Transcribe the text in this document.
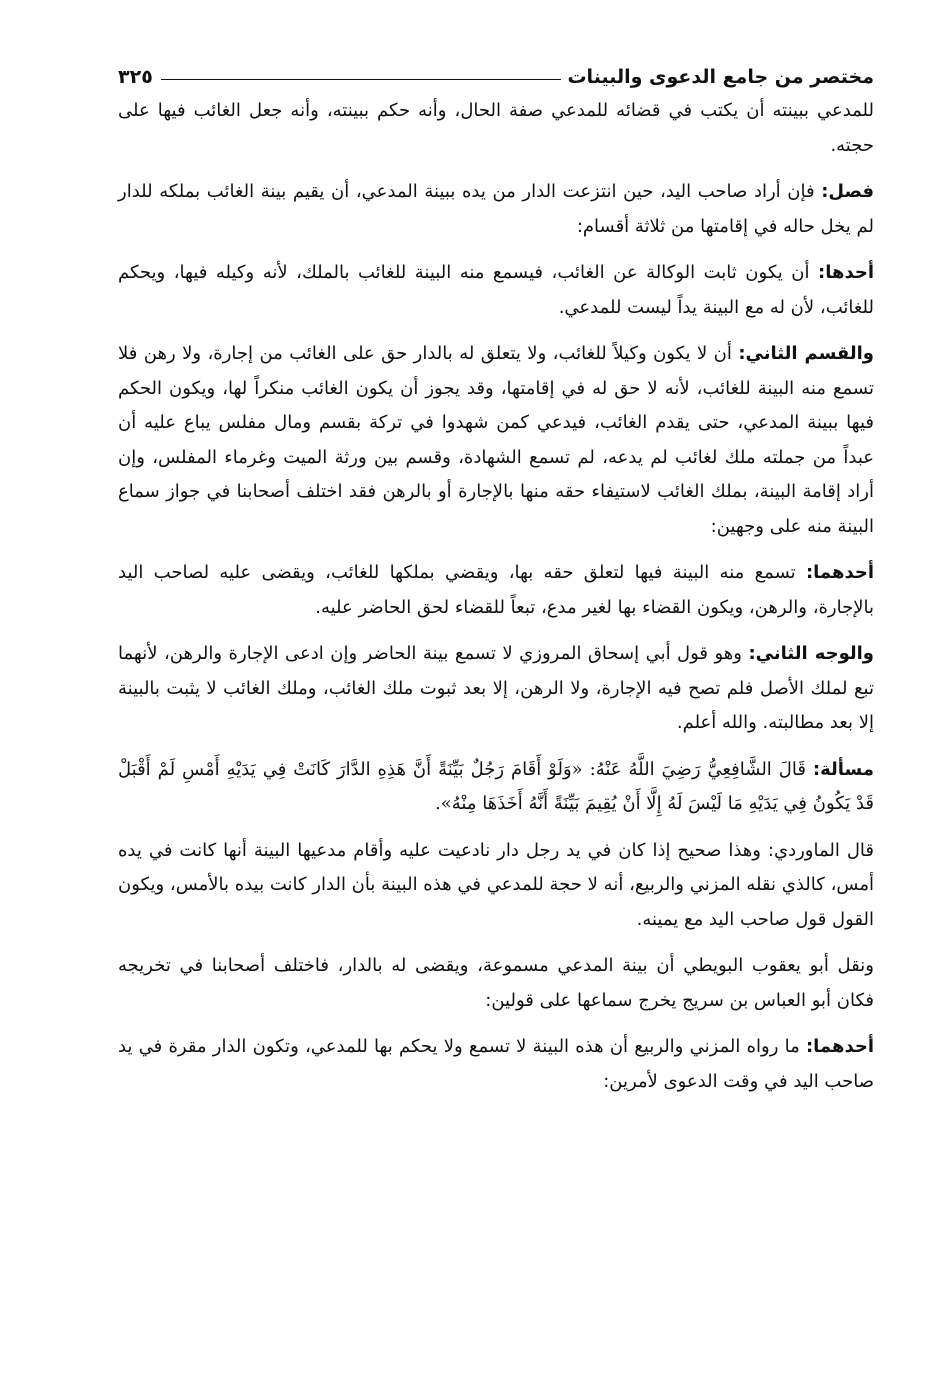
مختصر من جامع الدعوى والبينات
٣٢٥

للمدعي ببينته أن يكتب في قضائه للمدعي صفة الحال، وأنه حكم ببينته، وأنه جعل الغائب فيها على حجته.

فصل: فإن أراد صاحب اليد، حين انتزعت الدار من يده ببينة المدعي، أن يقيم بينة الغائب بملكه للدار لم يخل حاله في إقامتها من ثلاثة أقسام:

أحدها: أن يكون ثابت الوكالة عن الغائب، فيسمع منه البينة للغائب بالملك، لأنه وكيله فيها، ويحكم للغائب، لأن له مع البينة يداً ليست للمدعي.

والقسم الثاني: أن لا يكون وكيلاً للغائب، ولا يتعلق له بالدار حق على الغائب من إجارة، ولا رهن فلا تسمع منه البينة للغائب، لأنه لا حق له في إقامتها، وقد يجوز أن يكون الغائب منكراً لها، ويكون الحكم فيها ببينة المدعي، حتى يقدم الغائب، فيدعي كمن شهدوا في تركة بقسم ومال مفلس يباع عليه أن عبداً من جملته ملك لغائب لم يدعه، لم تسمع الشهادة، وقسم بين ورثة الميت وغرماء المفلس، وإن أراد إقامة البينة، بملك الغائب لاستيفاء حقه منها بالإجارة أو بالرهن فقد اختلف أصحابنا في جواز سماع البينة منه على وجهين:

أحدهما: تسمع منه البينة فيها لتعلق حقه بها، ويقضي بملكها للغائب، ويقضى عليه لصاحب اليد بالإجارة، والرهن، ويكون القضاء بها لغير مدع، تبعاً للقضاء لحق الحاضر عليه.

والوجه الثاني: وهو قول أبي إسحاق المروزي لا تسمع بينة الحاضر وإن ادعى الإجارة والرهن، لأنهما تبع لملك الأصل فلم تصح فيه الإجارة، ولا الرهن، إلا بعد ثبوت ملك الغائب، وملك الغائب لا يثبت بالبينة إلا بعد مطالبته. والله أعلم.

مسألة: قَالَ الشَّافِعِيُّ رَضِيَ اللَّهُ عَنْهُ: «وَلَوْ أَقَامَ رَجُلٌ بَيِّنَةً أَنَّ هَذِهِ الدَّارَ كَانَتْ فِي يَدَيْهِ أَمْسِ لَمْ أَقْبَلْ قَدْ يَكُونُ فِي يَدَيْهِ مَا لَيْسَ لَهُ إِلَّا أَنْ يُقِيمَ بَيِّنَةً أَنَّهُ أَخَذَهَا مِنْهُ».

قال الماوردي: وهذا صحيح إذا كان في يد رجل دار نادعيت عليه وأقام مدعيها البينة أنها كانت في يده أمس، كالذي نقله المزني والربيع، أنه لا حجة للمدعي في هذه البينة بأن الدار كانت بيده بالأمس، ويكون القول قول صاحب اليد مع يمينه.

ونقل أبو يعقوب البويطي أن بينة المدعي مسموعة، ويقضى له بالدار، فاختلف أصحابنا في تخريجه فكان أبو العباس بن سريج يخرج سماعها على قولين:

أحدهما: ما رواه المزني والربيع أن هذه البينة لا تسمع ولا يحكم بها للمدعي، وتكون الدار مقرة في يد صاحب اليد في وقت الدعوى لأمرين:
